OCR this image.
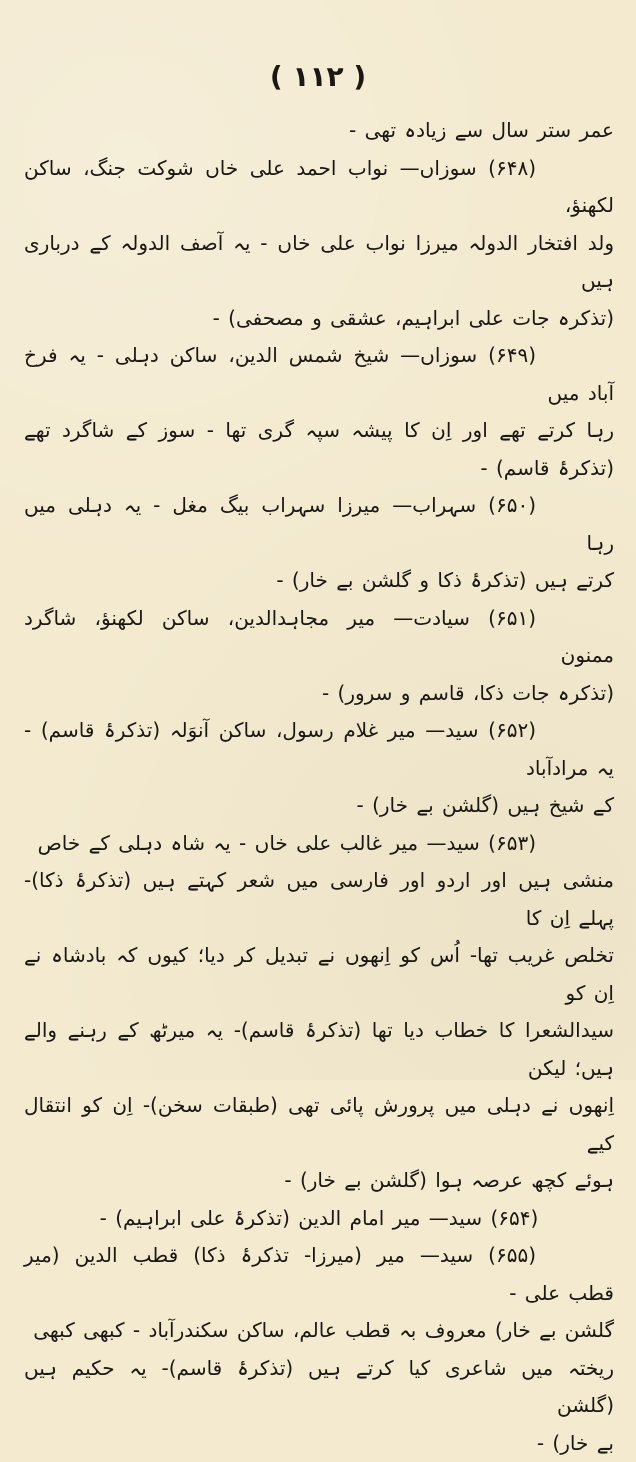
( ۱۱۲ )

عمر ستر سال سے زیادہ تھی -

(۶۴۸) سوزاں— نواب احمد علی خاں شوکت جنگ، ساکن لکھنؤ،

ولد افتخار الدولہ میرزا نواب علی خاں - یہ آصف الدولہ کے درباری ہیں

(تذکرہ جات علی ابراہیم، عشقی و مصحفی) -

(۶۴۹) سوزاں— شیخ شمس الدین، ساکن دہلی - یہ فرخ آباد میں

رہا کرتے تھے اور اِن کا پیشہ سپہ گری تھا - سوز کے شاگرد تھے (تذکرۂ قاسم) -

(۶۵۰) سہراب— میرزا سہراب بیگ مغل - یہ دہلی میں رہا

کرتے ہیں (تذکرۂ ذکا و گلشن بے خار) -

(۶۵۱) سیادت— میر مجاہدالدین، ساکن لکھنؤ، شاگرد ممنون

(تذکرہ جات ذکا، قاسم و سرور) -

(۶۵۲) سید— میر غلام رسول، ساکن آنوَلہ (تذکرۂ قاسم) - یہ مرادآباد

کے شیخ ہیں (گلشن بے خار) -

(۶۵۳) سید— میر غالب علی خاں - یہ شاہ دہلی کے خاص

منشی ہیں اور اردو اور فارسی میں شعر کہتے ہیں (تذکرۂ ذکا)- پہلے اِن کا

تخلص غریب تھا- اُس کو اِنھوں نے تبدیل کر دیا؛ کیوں کہ بادشاہ نے اِن کو

سیدالشعرا کا خطاب دیا تھا (تذکرۂ قاسم)- یہ میرٹھ کے رہنے والے ہیں؛ لیکن

اِنھوں نے دہلی میں پرورش پائی تھی (طبقات سخن)- اِن کو انتقال کیے

ہوئے کچھ عرصہ ہوا (گلشن بے خار) -

(۶۵۴) سید— میر امام الدین (تذکرۂ علی ابراہیم) -

(۶۵۵) سید— میر (میرزا- تذکرۂ ذکا) قطب الدین (میر قطب علی -

گلشن بے خار) معروف بہ قطب عالم، ساکن سکندرآباد - کبھی کبھی

ریختہ میں شاعری کیا کرتے ہیں (تذکرۂ قاسم)- یہ حکیم ہیں (گلشن

بے خار) -
